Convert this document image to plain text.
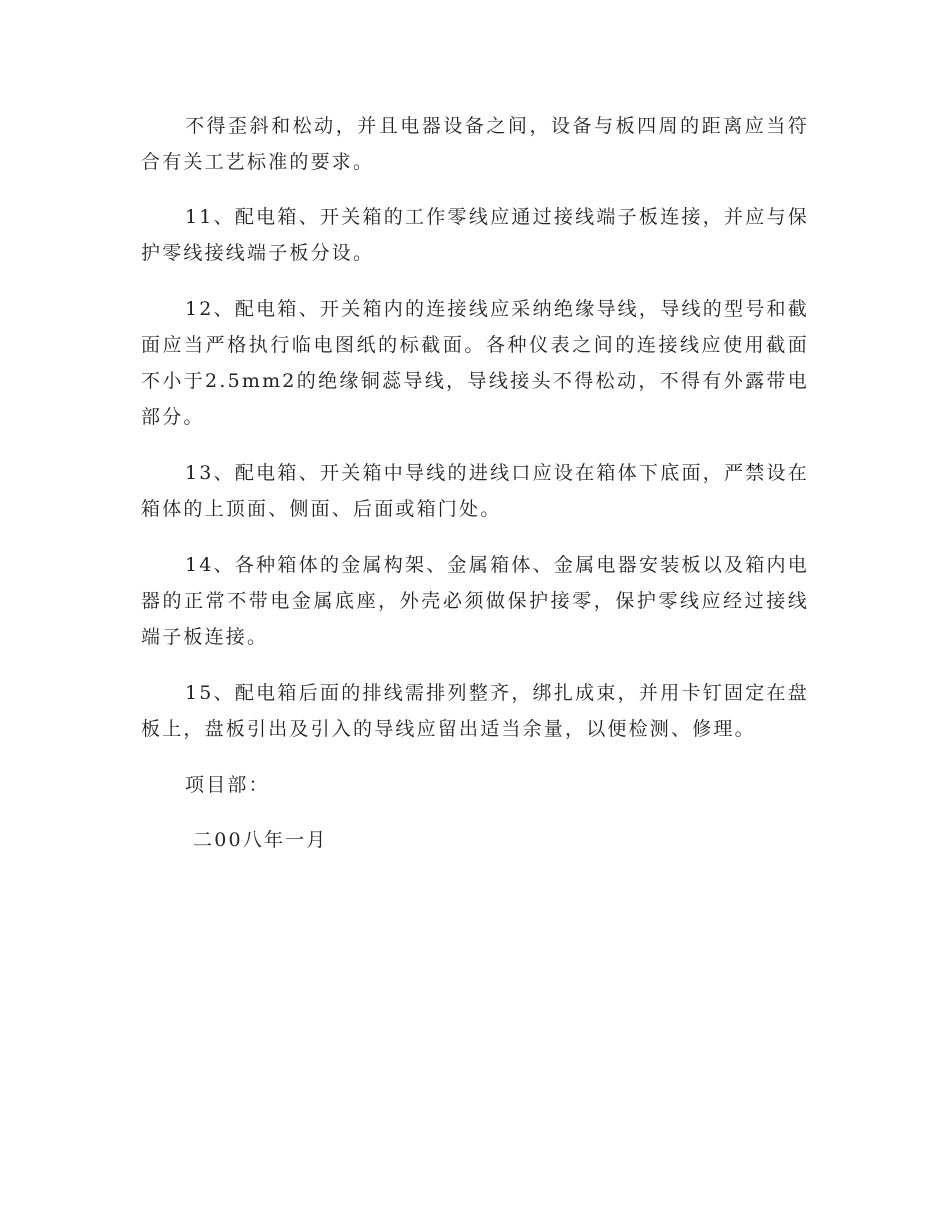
不得歪斜和松动，并且电器设备之间，设备与板四周的距离应当符合有关工艺标准的要求。

11、配电箱、开关箱的工作零线应通过接线端子板连接，并应与保护零线接线端子板分设。

12、配电箱、开关箱内的连接线应采纳绝缘导线，导线的型号和截面应当严格执行临电图纸的标截面。各种仪表之间的连接线应使用截面不小于2.5mm2的绝缘铜蕊导线，导线接头不得松动，不得有外露带电部分。

13、配电箱、开关箱中导线的进线口应设在箱体下底面，严禁设在箱体的上顶面、侧面、后面或箱门处。

14、各种箱体的金属构架、金属箱体、金属电器安装板以及箱内电器的正常不带电金属底座，外壳必须做保护接零，保护零线应经过接线端子板连接。

15、配电箱后面的排线需排列整齐，绑扎成束，并用卡钉固定在盘板上，盘板引出及引入的导线应留出适当余量，以便检测、修理。

项目部：

二00八年一月
